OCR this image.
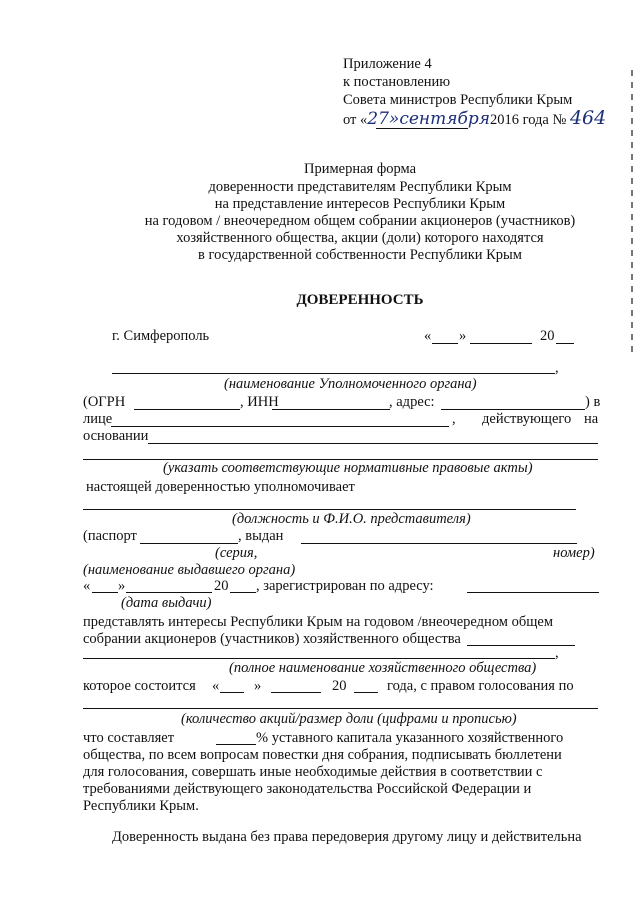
Приложение 4
к постановлению
Совета министров Республики Крым
от «27»сентября2016 года № 464
Примерная форма
доверенности представителям Республики Крым
на представление интересов Республики Крым
на годовом / внеочередном общем собрании акционеров (участников)
хозяйственного общества, акции (доли) которого находятся
в государственной собственности Республики Крым
ДОВЕРЕННОСТЬ
г. Симферополь	« »	20
,
(наименование Уполномоченного органа)
(ОГРН	, ИНН	, адрес:	) в
лице	, действующего на
основании
(указать соответствующие нормативные правовые акты)
настоящей доверенностью уполномочивает
(должность и Ф.И.О. представителя)
(паспорт	, выдан
(серия,	номер)
(наименование выдавшего органа)
« »	20 , зарегистрирован по адресу:
(дата выдачи)
представлять интересы Республики Крым на годовом /внеочередном общем
собрании акционеров (участников) хозяйственного общества
,
(полное наименование хозяйственного общества)
которое состоится « »	20	года, с правом голосования по
(количество акций/размер доли (цифрами и прописью)
что составляет	% уставного капитала указанного хозяйственного
общества, по всем вопросам повестки дня собрания, подписывать бюллетени
для голосования, совершать иные необходимые действия в соответствии с
требованиями действующего законодательства Российской Федерации и
Республики Крым.
Доверенность выдана без права передоверия другому лицу и действительна
